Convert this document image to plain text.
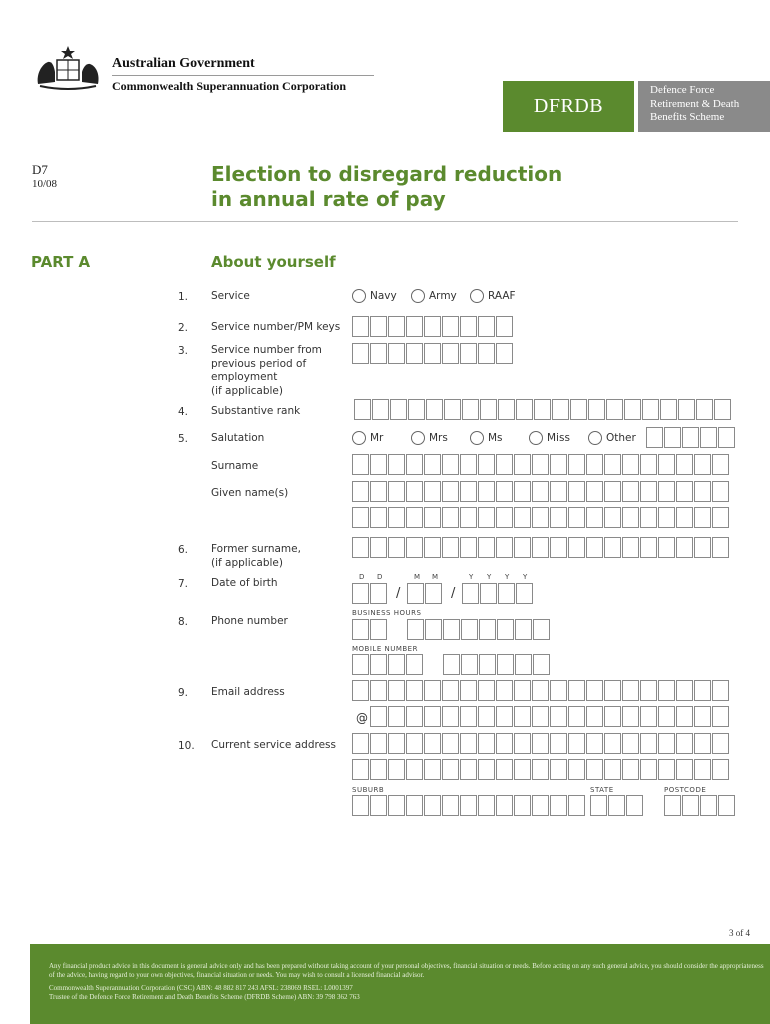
Australian Government
Commonwealth Superannuation Corporation
DFRDB
Defence Force
Retirement & Death
Benefits Scheme
D7
10/08	Election to disregard reduction
in annual rate of pay
PART A	About yourself
1. Service	Navy	Army	RAAF
2. Service number/PM keys
3. Service number from
previous period of
employment
(if applicable)
4. Substantive rank
5. Salutation	Mr	Mrs	Ms	Miss	Other
Surname
Given name(s)
6. Former surname,
(if applicable)
7. Date of birth	D D	M M	Y Y Y Y
/	/
8. Phone number
BUSINESS HOURS
MOBILE NUMBER
9. Email address
@
10. Current service address
SUBURB	STATE	POSTCODE
3 of 4

Any financial product advice in this document is general advice only and has been prepared without taking account of your personal objectives, financial situation or needs. Before acting on any such general advice, you should consider the appropriateness of the advice, having regard to your own objectives, financial situation or needs. You may wish to consult a licensed financial advisor.

Commonwealth Superannuation Corporation (CSC) ABN: 48 882 817 243 AFSL: 238069 RSEL: L0001397
Trustee of the Defence Force Retirement and Death Benefits Scheme (DFRDB Scheme) ABN: 39 798 362 763
